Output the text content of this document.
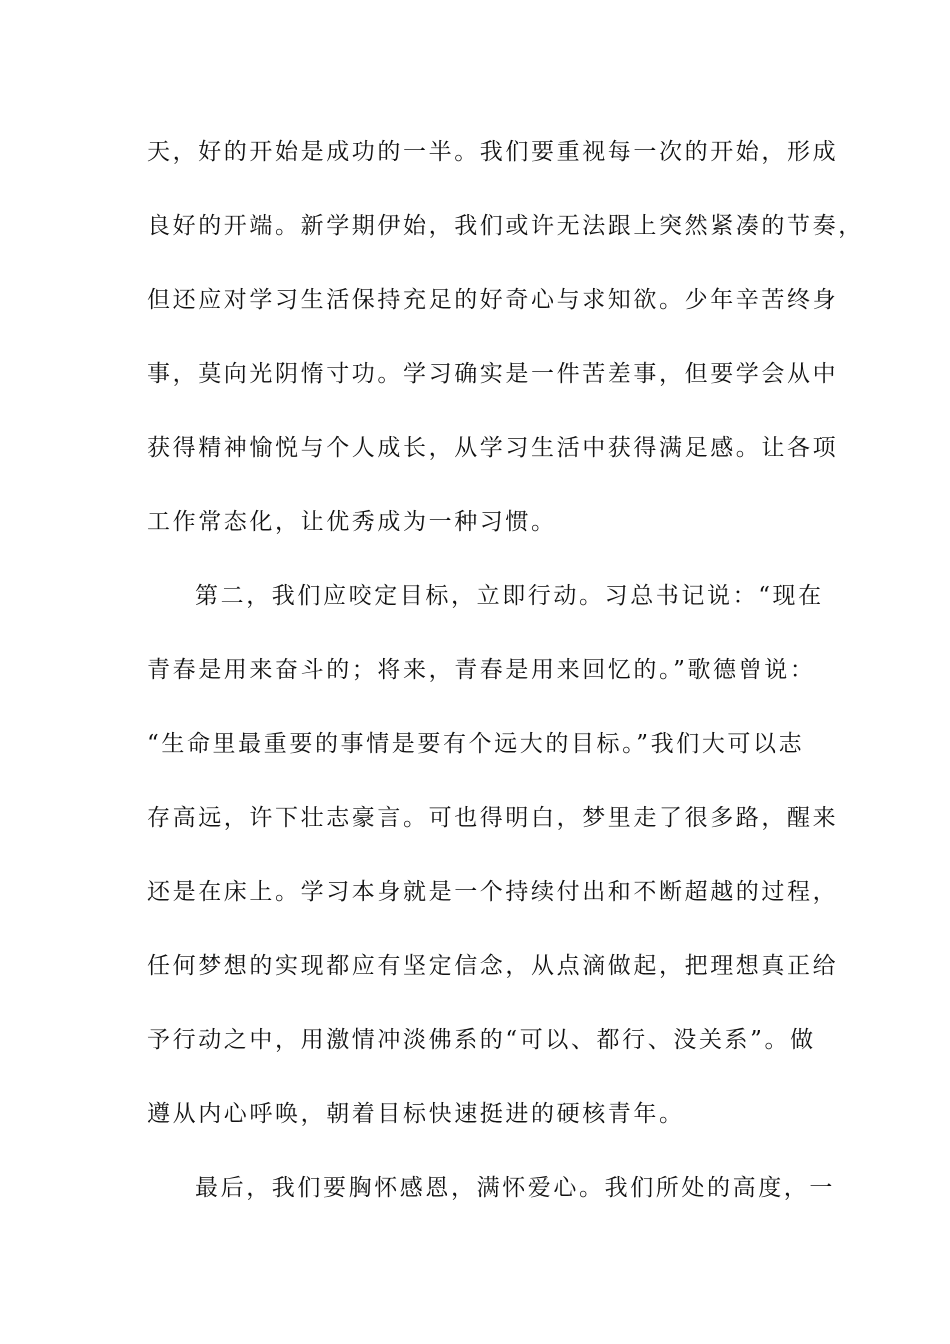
天，好的开始是成功的一半。我们要重视每一次的开始，形成
良好的开端。新学期伊始，我们或许无法跟上突然紧凑的节奏，
但还应对学习生活保持充足的好奇心与求知欲。少年辛苦终身
事，莫向光阴惰寸功。学习确实是一件苦差事，但要学会从中
获得精神愉悦与个人成长，从学习生活中获得满足感。让各项
工作常态化，让优秀成为一种习惯。
第二，我们应咬定目标，立即行动。习总书记说：“现在
青春是用来奋斗的；将来，青春是用来回忆的。”歌德曾说：
“生命里最重要的事情是要有个远大的目标。”我们大可以志
存高远，许下壮志豪言。可也得明白，梦里走了很多路，醒来
还是在床上。学习本身就是一个持续付出和不断超越的过程，
任何梦想的实现都应有坚定信念，从点滴做起，把理想真正给
予行动之中，用激情冲淡佛系的“可以、都行、没关系”。做
遵从内心呼唤，朝着目标快速挺进的硬核青年。
最后，我们要胸怀感恩，满怀爱心。我们所处的高度，一
